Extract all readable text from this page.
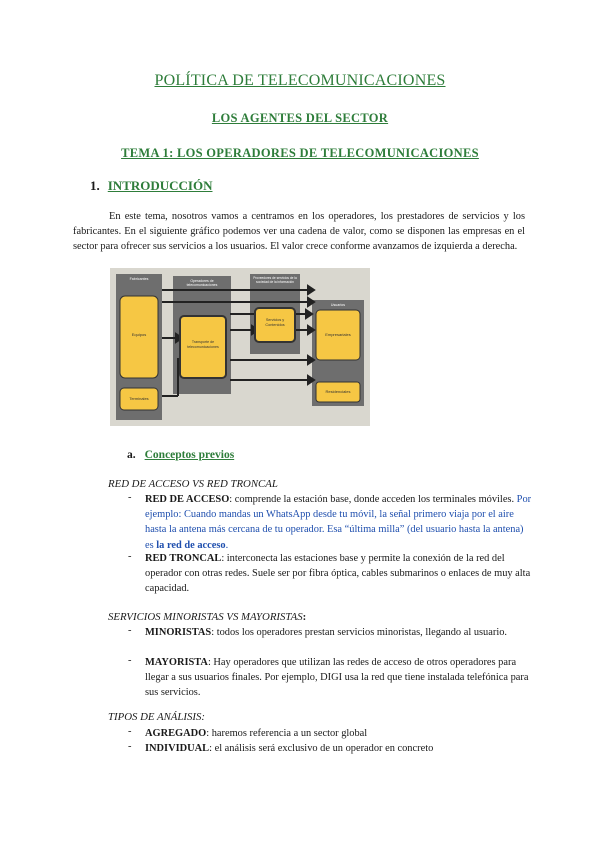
POLÍTICA DE TELECOMUNICACIONES
LOS AGENTES DEL SECTOR
TEMA 1: LOS OPERADORES DE TELECOMUNICACIONES
1. INTRODUCCIÓN
En este tema, nosotros vamos a centramos en los operadores, los prestadores de servicios y los fabricantes. En el siguiente gráfico podemos ver una cadena de valor, como se disponen las empresas en el sector para ofrecer sus servicios a los usuarios. El valor crece conforme avanzamos de izquierda a derecha.
Fabricantes
Equipos
Terminales
Operadores de telecomunicaciones
Transporte de telecomunicaciones
Proveedores de servicios de la sociedad de la información
Servicios y Contenidos
Usuarios
Empresariales
Residenciales
a. Conceptos previos
RED DE ACCESO VS RED TRONCAL
- RED DE ACCESO: comprende la estación base, donde acceden los terminales móviles. Por ejemplo: Cuando mandas un WhatsApp desde tu móvil, la señal primero viaja por el aire hasta la antena más cercana de tu operador. Esa “última milla” (del usuario hasta la antena) es la red de acceso.
- RED TRONCAL: interconecta las estaciones base y permite la conexión de la red del operador con otras redes. Suele ser por fibra óptica, cables submarinos o enlaces de muy alta capacidad.
SERVICIOS MINORISTAS VS MAYORISTAS:
- MINORISTAS: todos los operadores prestan servicios minoristas, llegando al usuario.
- MAYORISTA: Hay operadores que utilizan las redes de acceso de otros operadores para llegar a sus usuarios finales. Por ejemplo, DIGI usa la red que tiene instalada telefónica para sus servicios.
TIPOS DE ANÁLISIS:
- AGREGADO: haremos referencia a un sector global
- INDIVIDUAL: el análisis será exclusivo de un operador en concreto
